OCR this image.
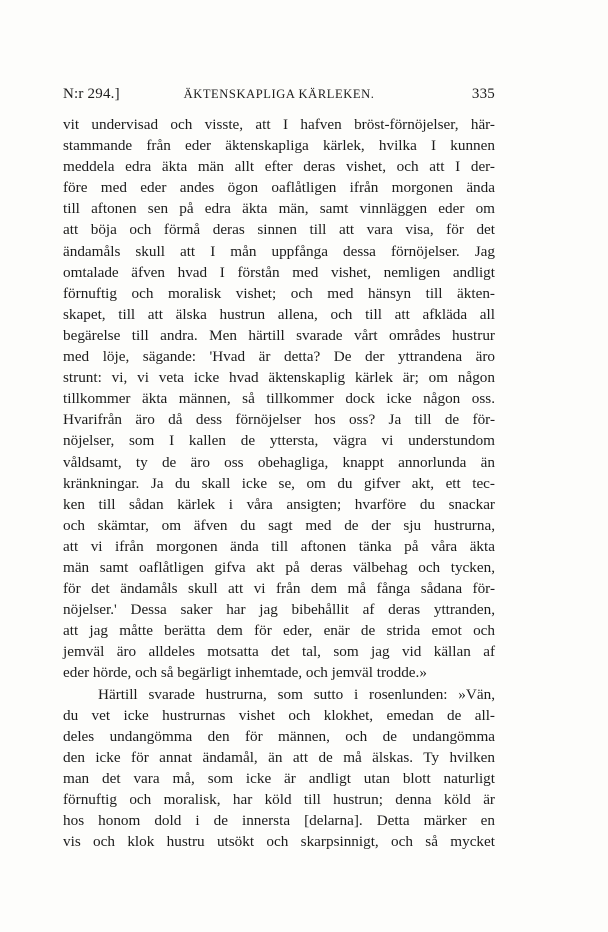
N:r 294.]	ÄKTENSKAPLIGA KÄRLEKEN.	335
vit undervisad och visste, att I hafven bröst-förnöjelser, här-
stammande från eder äktenskapliga kärlek, hvilka I kunnen
meddela edra äkta män allt efter deras vishet, och att I der-
före med eder andes ögon oaflåtligen ifrån morgonen ända
till aftonen sen på edra äkta män, samt vinnläggen eder om
att böja och förmå deras sinnen till att vara visa, för det
ändamåls skull att I mån uppfånga dessa förnöjelser. Jag
omtalade äfven hvad I förstån med vishet, nemligen andligt
förnuftig och moralisk vishet; och med hänsyn till äkten-
skapet, till att älska hustrun allena, och till att afkläda all
begärelse till andra. Men härtill svarade vårt områdes hustrur
med löje, sägande: 'Hvad är detta? De der yttrandena äro
strunt: vi, vi veta icke hvad äktenskaplig kärlek är; om någon
tillkommer äkta männen, så tillkommer dock icke någon oss.
Hvarifrån äro då dess förnöjelser hos oss? Ja till de för-
nöjelser, som I kallen de yttersta, vägra vi understundom
våldsamt, ty de äro oss obehagliga, knappt annorlunda än
kränkningar. Ja du skall icke se, om du gifver akt, ett tec-
ken till sådan kärlek i våra ansigten; hvarföre du snackar
och skämtar, om äfven du sagt med de der sju hustrurna,
att vi ifrån morgonen ända till aftonen tänka på våra äkta
män samt oaflåtligen gifva akt på deras välbehag och tycken,
för det ändamåls skull att vi från dem må fånga sådana för-
nöjelser.' Dessa saker har jag bibehållit af deras yttranden,
att jag måtte berätta dem för eder, enär de strida emot och
jemväl äro alldeles motsatta det tal, som jag vid källan af
eder hörde, och så begärligt inhemtade, och jemväl trodde.»
Härtill svarade hustrurna, som sutto i rosenlunden: »Vän,
du vet icke hustrurnas vishet och klokhet, emedan de all-
deles undangömma den för männen, och de undangömma
den icke för annat ändamål, än att de må älskas. Ty hvilken
man det vara må, som icke är andligt utan blott naturligt
förnuftig och moralisk, har köld till hustrun; denna köld är
hos honom dold i de innersta [delarna]. Detta märker en
vis och klok hustru utsökt och skarpsinnigt, och så mycket
